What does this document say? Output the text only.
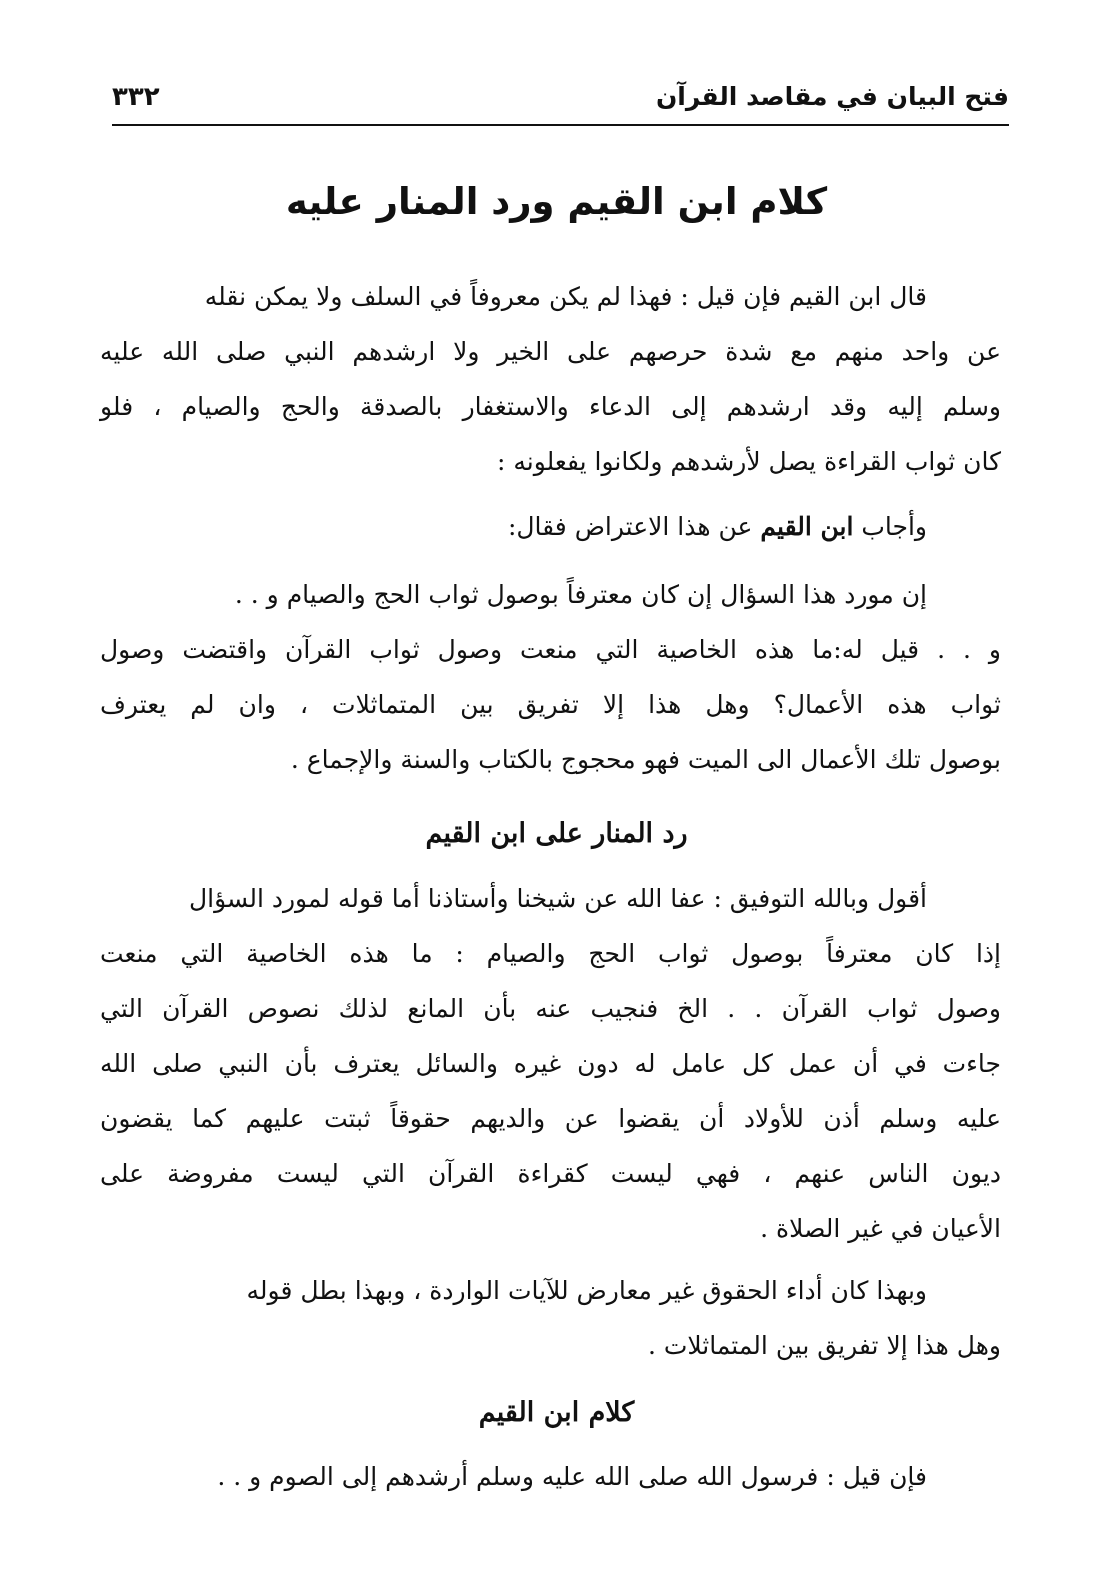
فتح البيان في مقاصد القرآن
٣٣٢
كلام ابن القيم ورد المنار عليه
قال ابن القيم فإن قيل : فهذا لم يكن معروفاً في السلف ولا يمكن نقله
عن واحد منهم مع شدة حرصهم على الخير ولا ارشدهم النبي صلى الله عليه
وسلم إليه وقد ارشدهم إلى الدعاء والاستغفار بالصدقة والحج والصيام ، فلو
كان ثواب القراءة يصل لأرشدهم ولكانوا يفعلونه :
وأجاب ابن القيم عن هذا الاعتراض فقال:
إن مورد هذا السؤال إن كان معترفاً بوصول ثواب الحج والصيام و . .
و . . قيل له:ما هذه الخاصية التي منعت وصول ثواب القرآن واقتضت وصول
ثواب هذه الأعمال؟ وهل هذا إلا تفريق بين المتماثلات ، وان لم يعترف
بوصول تلك الأعمال الى الميت فهو محجوج بالكتاب والسنة والإجماع .
رد المنار على ابن القيم
أقول وبالله التوفيق : عفا الله عن شيخنا وأستاذنا أما قوله لمورد السؤال
إذا كان معترفاً بوصول ثواب الحج والصيام : ما هذه الخاصية التي منعت
وصول ثواب القرآن . . الخ فنجيب عنه بأن المانع لذلك نصوص القرآن التي
جاءت في أن عمل كل عامل له دون غيره والسائل يعترف بأن النبي صلى الله
عليه وسلم أذن للأولاد أن يقضوا عن والديهم حقوقاً ثبتت عليهم كما يقضون
ديون الناس عنهم ، فهي ليست كقراءة القرآن التي ليست مفروضة على
الأعيان في غير الصلاة .
وبهذا كان أداء الحقوق غير معارض للآيات الواردة ، وبهذا بطل قوله
وهل هذا إلا تفريق بين المتماثلات .
كلام ابن القيم
فإن قيل : فرسول الله صلى الله عليه وسلم أرشدهم إلى الصوم و . .
